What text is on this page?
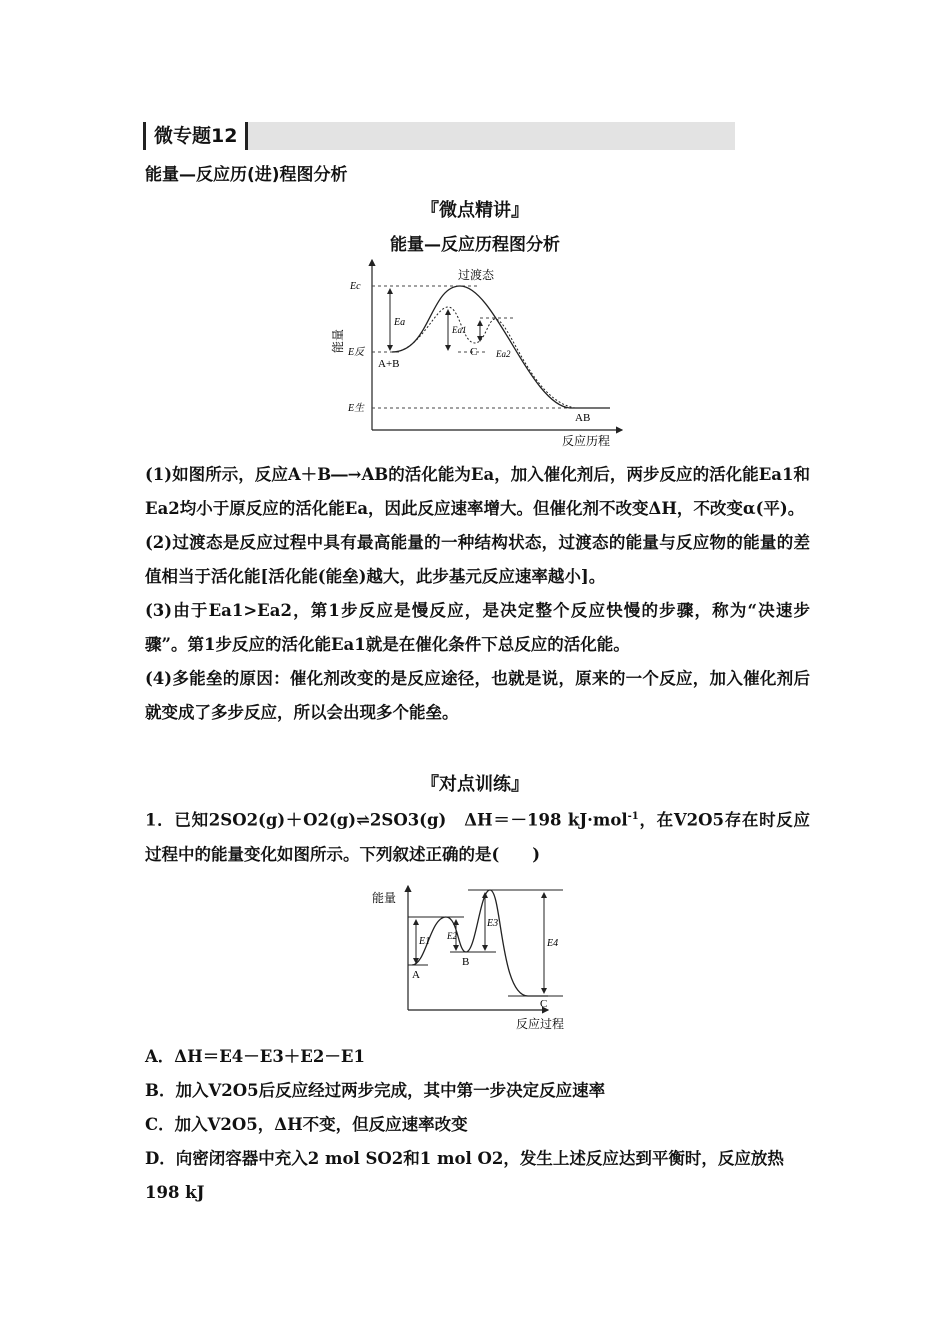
微专题12
能量—反应历(进)程图分析
『微点精讲』
能量—反应历程图分析
过渡态
Ec
E反
E生
Ea
Ea1
Ea2
A+B
C
AB
能量
反应历程

(1)如图所示，反应A＋B―→AB的活化能为Ea，加入催化剂后，两步反应的活化能Ea1和Ea2均小于原反应的活化能Ea，因此反应速率增大。但催化剂不改变ΔH，不改变α(平)。

(2)过渡态是反应过程中具有最高能量的一种结构状态，过渡态的能量与反应物的能量的差值相当于活化能[活化能(能垒)越大，此步基元反应速率越小]。

(3)由于Ea1>Ea2，第1步反应是慢反应，是决定整个反应快慢的步骤，称为“决速步骤”。第1步反应的活化能Ea1就是在催化条件下总反应的活化能。

(4)多能垒的原因：催化剂改变的是反应途径，也就是说，原来的一个反应，加入催化剂后就变成了多步反应，所以会出现多个能垒。

『对点训练』
1．已知2SO2(g)＋O2(g)⇌2SO3(g)　ΔH＝－198 kJ·mol$^{-1}$，在V2O5存在时反应过程中的能量变化如图所示。下列叙述正确的是(　　)
能量
反应过程
A
B
C
E1 E2
E3
E4
A．ΔH＝E4－E3＋E2－E1
B．加入V2O5后反应经过两步完成，其中第一步决定反应速率
C．加入V2O5，ΔH不变，但反应速率改变
D．向密闭容器中充入2 mol SO2和1 mol O2，发生上述反应达到平衡时，反应放热198 kJ
